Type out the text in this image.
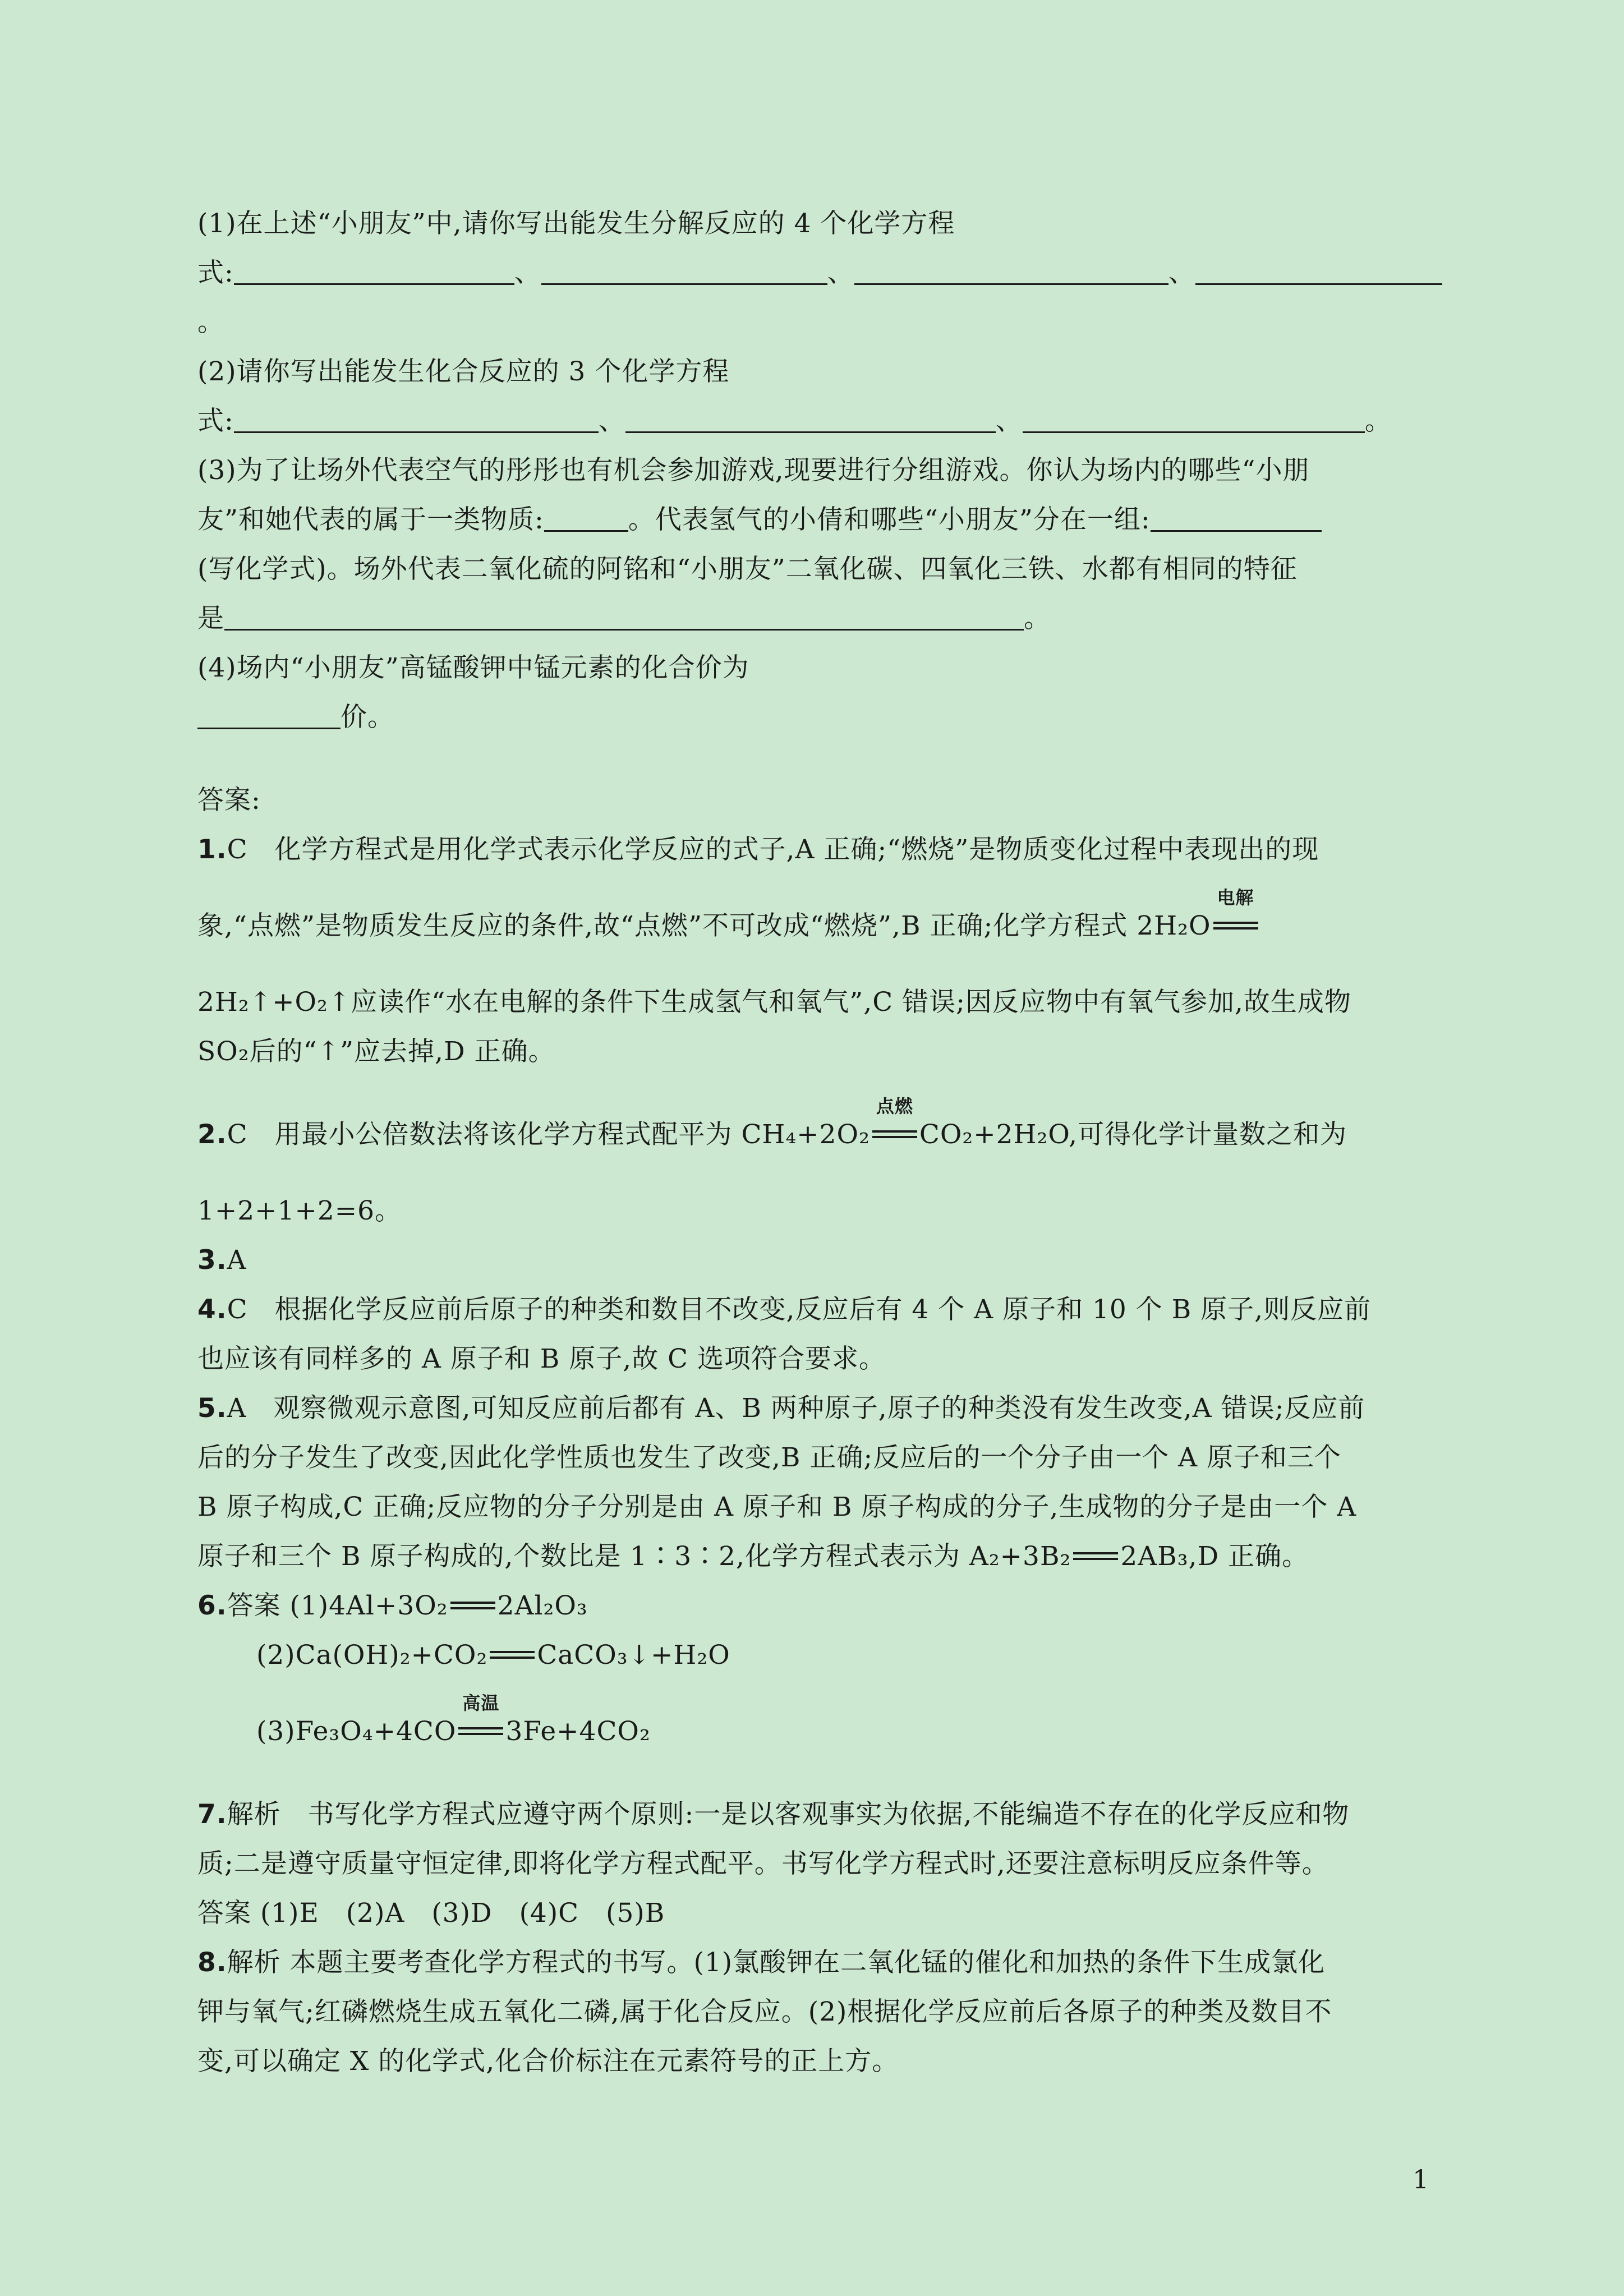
(1)在上述“小朋友”中,请你写出能发生分解反应的 4 个化学方程
式:	、	、	、
。
(2)请你写出能发生化合反应的 3 个化学方程
式:	、	、	。
(3)为了让场外代表空气的彤彤也有机会参加游戏,现要进行分组游戏。你认为场内的哪些“小朋
友”和她代表的属于一类物质:	。代表氢气的小倩和哪些“小朋友”分在一组:
(写化学式)。场外代表二氧化硫的阿铭和“小朋友”二氧化碳、四氧化三铁、水都有相同的特征
是	。
(4)场内“小朋友”高锰酸钾中锰元素的化合价为
价。
答案:
1.C　化学方程式是用化学式表示化学反应的式子,A 正确;“燃烧”是物质变化过程中表现出的现
象,“点燃”是物质发生反应的条件,故“点燃”不可改成“燃烧”,B 正确;化学方程式 2H₂O
电解
2H₂↑+O₂↑应读作“水在电解的条件下生成氢气和氧气”,C 错误;因反应物中有氧气参加,故生成物
SO₂后的“↑”应去掉,D 正确。
2.C　用最小公倍数法将该化学方程式配平为 CH₄+2O₂
点燃
CO₂+2H₂O,可得化学计量数之和为
1+2+1+2=6。
3.A
4.C　根据化学反应前后原子的种类和数目不改变,反应后有 4 个 A 原子和 10 个 B 原子,则反应前
也应该有同样多的 A 原子和 B 原子,故 C 选项符合要求。
5.A　观察微观示意图,可知反应前后都有 A、B 两种原子,原子的种类没有发生改变,A 错误;反应前
后的分子发生了改变,因此化学性质也发生了改变,B 正确;反应后的一个分子由一个 A 原子和三个
B 原子构成,C 正确;反应物的分子分别是由 A 原子和 B 原子构成的分子,生成物的分子是由一个 A
原子和三个 B 原子构成的,个数比是 1∶3∶2,化学方程式表示为 A₂+3B₂ 2AB₃,D 正确。
6.答案 (1)4Al+3O₂ 2Al₂O₃
(2)Ca(OH)₂+CO₂ CaCO₃↓+H₂O
(3)Fe₃O₄+4CO
高温
3Fe+4CO₂
7.解析　书写化学方程式应遵守两个原则:一是以客观事实为依据,不能编造不存在的化学反应和物
质;二是遵守质量守恒定律,即将化学方程式配平。书写化学方程式时,还要注意标明反应条件等。
答案 (1)E　(2)A　(3)D　(4)C　(5)B
8.解析 本题主要考查化学方程式的书写。(1)氯酸钾在二氧化锰的催化和加热的条件下生成氯化
钾与氧气;红磷燃烧生成五氧化二磷,属于化合反应。(2)根据化学反应前后各原子的种类及数目不
变,可以确定 X 的化学式,化合价标注在元素符号的正上方。
1
